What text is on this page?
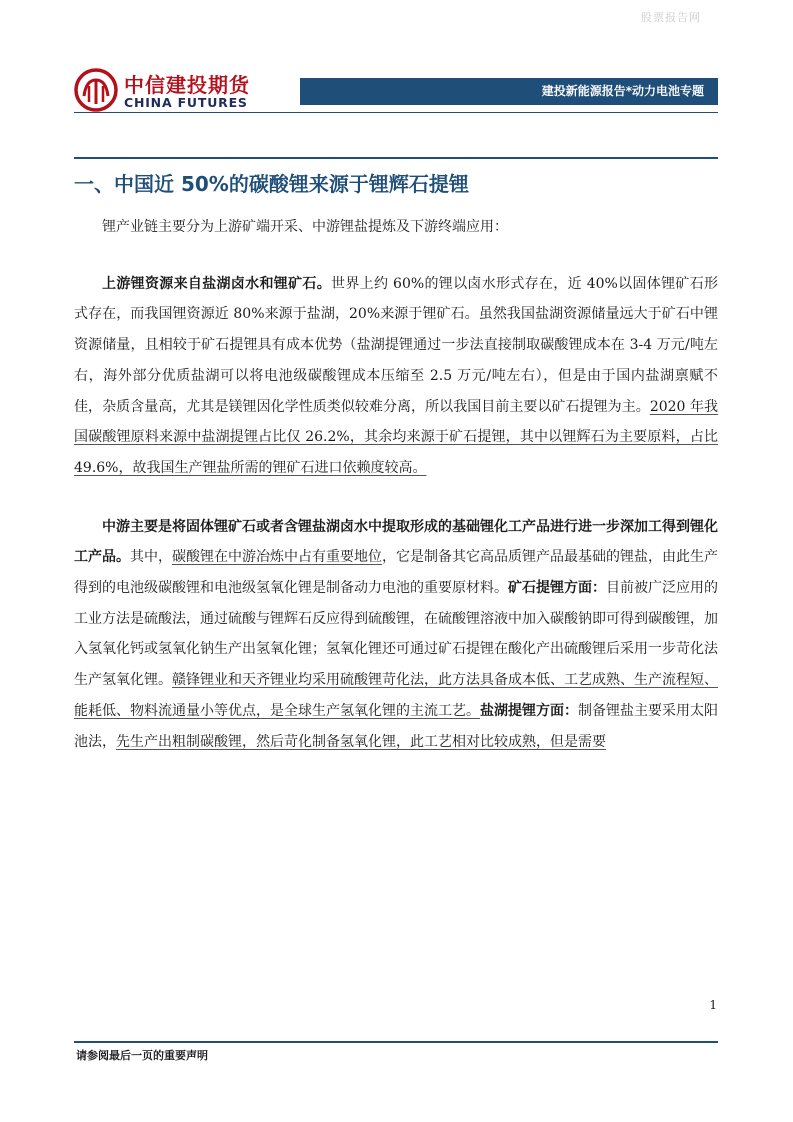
股票报告网
中信建投期货
CHINA FUTURES
建投新能源报告*动力电池专题
一、中国近 50%的碳酸锂来源于锂辉石提锂

锂产业链主要分为上游矿端开采、中游锂盐提炼及下游终端应用：

上游锂资源来自盐湖卤水和锂矿石。世界上约 60%的锂以卤水形式存在，近 40%以固体锂矿石形式存在，而我国锂资源近 80%来源于盐湖，20%来源于锂矿石。虽然我国盐湖资源储量远大于矿石中锂资源储量，且相较于矿石提锂具有成本优势（盐湖提锂通过一步法直接制取碳酸锂成本在 3-4 万元/吨左右，海外部分优质盐湖可以将电池级碳酸锂成本压缩至 2.5 万元/吨左右），但是由于国内盐湖禀赋不佳，杂质含量高，尤其是镁锂因化学性质类似较难分离，所以我国目前主要以矿石提锂为主。2020 年我国碳酸锂原料来源中盐湖提锂占比仅 26.2%，其余均来源于矿石提锂，其中以锂辉石为主要原料，占比 49.6%，故我国生产锂盐所需的锂矿石进口依赖度较高。

中游主要是将固体锂矿石或者含锂盐湖卤水中提取形成的基础锂化工产品进行进一步深加工得到锂化工产品。其中，碳酸锂在中游冶炼中占有重要地位，它是制备其它高品质锂产品最基础的锂盐，由此生产得到的电池级碳酸锂和电池级氢氧化锂是制备动力电池的重要原材料。矿石提锂方面：目前被广泛应用的工业方法是硫酸法，通过硫酸与锂辉石反应得到硫酸锂，在硫酸锂溶液中加入碳酸钠即可得到碳酸锂，加入氢氧化钙或氢氧化钠生产出氢氧化锂；氢氧化锂还可通过矿石提锂在酸化产出硫酸锂后采用一步苛化法生产氢氧化锂。赣锋锂业和天齐锂业均采用硫酸锂苛化法，此方法具备成本低、工艺成熟、生产流程短、能耗低、物料流通量小等优点，是全球生产氢氧化锂的主流工艺。盐湖提锂方面：制备锂盐主要采用太阳池法，先生产出粗制碳酸锂，然后苛化制备氢氧化锂，此工艺相对比较成熟，但是需要

1
请参阅最后一页的重要声明
